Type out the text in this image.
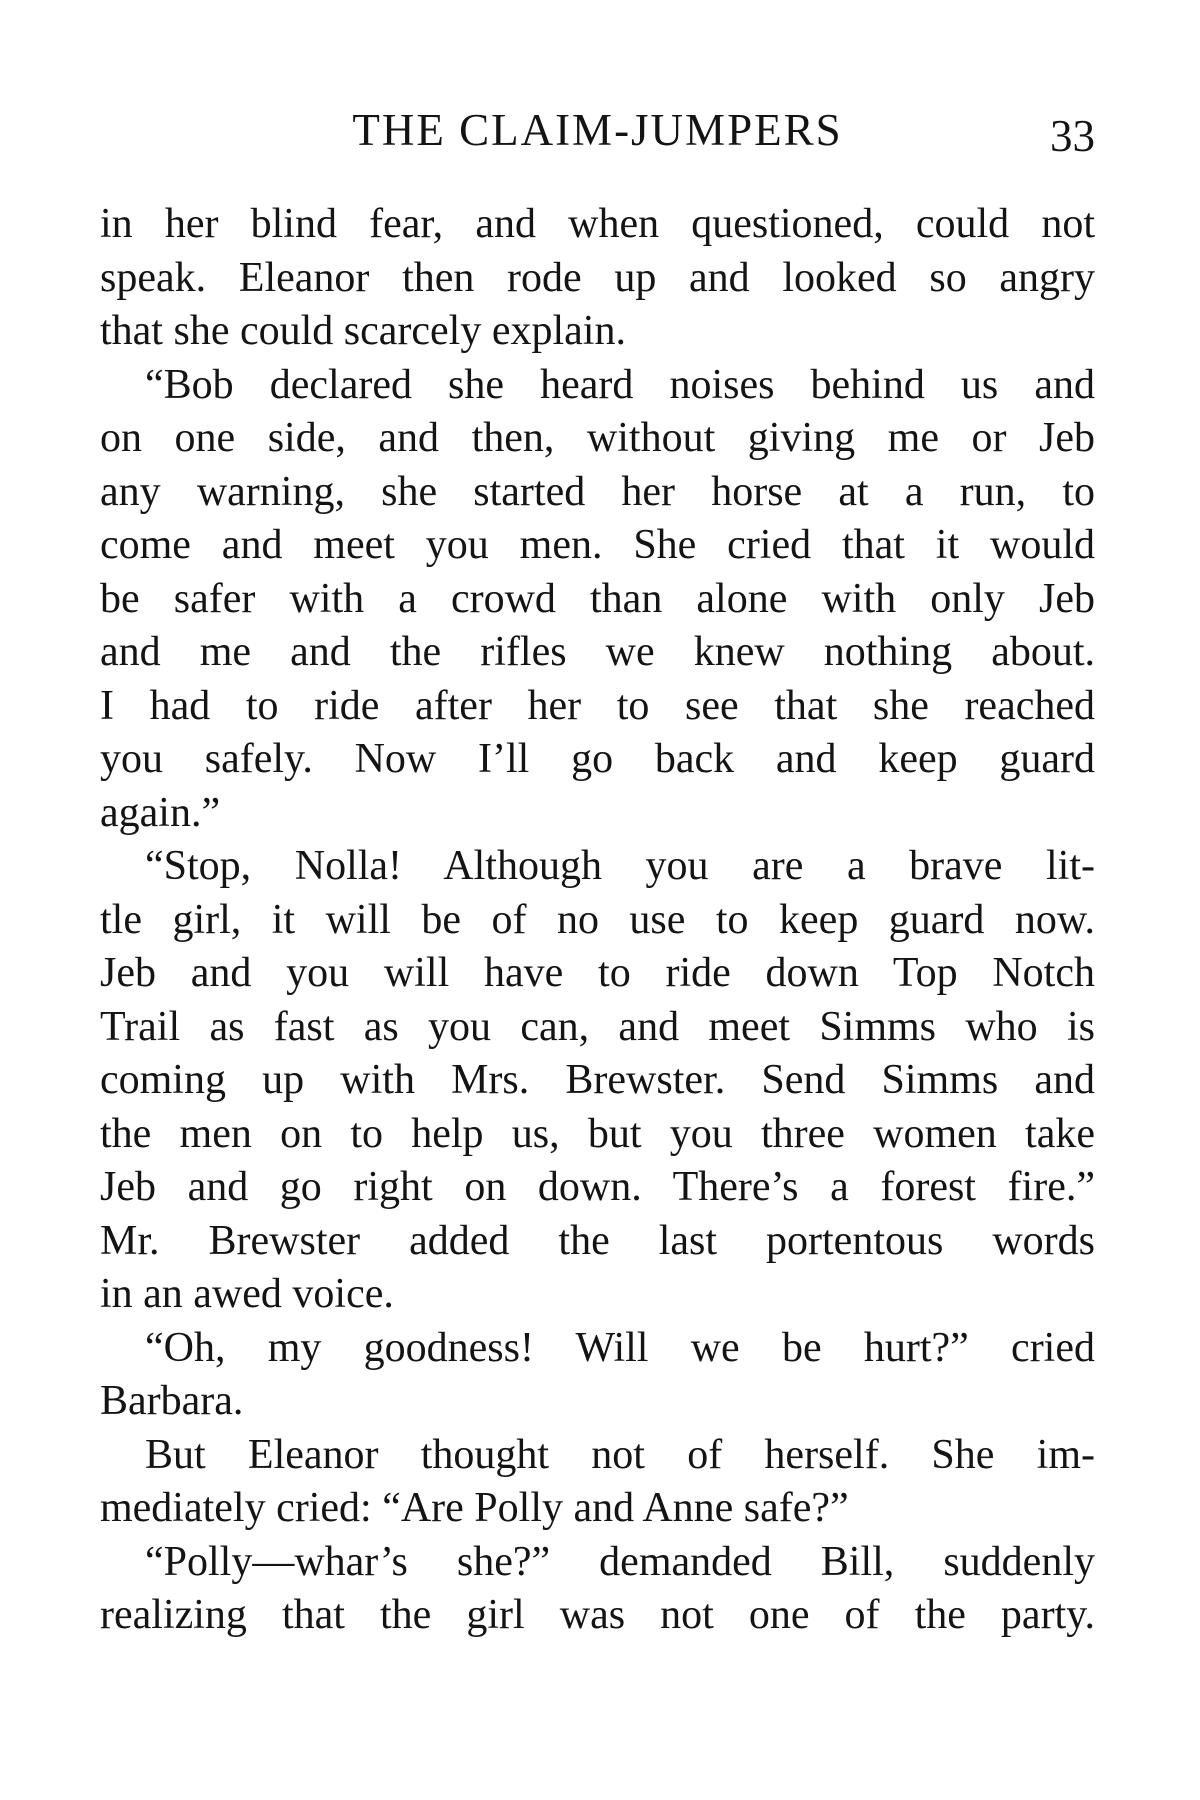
THE CLAIM-JUMPERS	33

in her blind fear, and when questioned, could not

speak. Eleanor then rode up and looked so angry

that she could scarcely explain.

“Bob declared she heard noises behind us and

on one side, and then, without giving me or Jeb

any warning, she started her horse at a run, to

come and meet you men. She cried that it would

be safer with a crowd than alone with only Jeb

and me and the rifles we knew nothing about.

I had to ride after her to see that she reached

you safely. Now I’ll go back and keep guard

again.”

“Stop, Nolla! Although you are a brave lit-

tle girl, it will be of no use to keep guard now.

Jeb and you will have to ride down Top Notch

Trail as fast as you can, and meet Simms who is

coming up with Mrs. Brewster. Send Simms and

the men on to help us, but you three women take

Jeb and go right on down. There’s a forest fire.”

Mr. Brewster added the last portentous words

in an awed voice.

“Oh, my goodness! Will we be hurt?” cried

Barbara.

But Eleanor thought not of herself. She im-

mediately cried: “Are Polly and Anne safe?”

“Polly—whar’s she?” demanded Bill, suddenly

realizing that the girl was not one of the party.
